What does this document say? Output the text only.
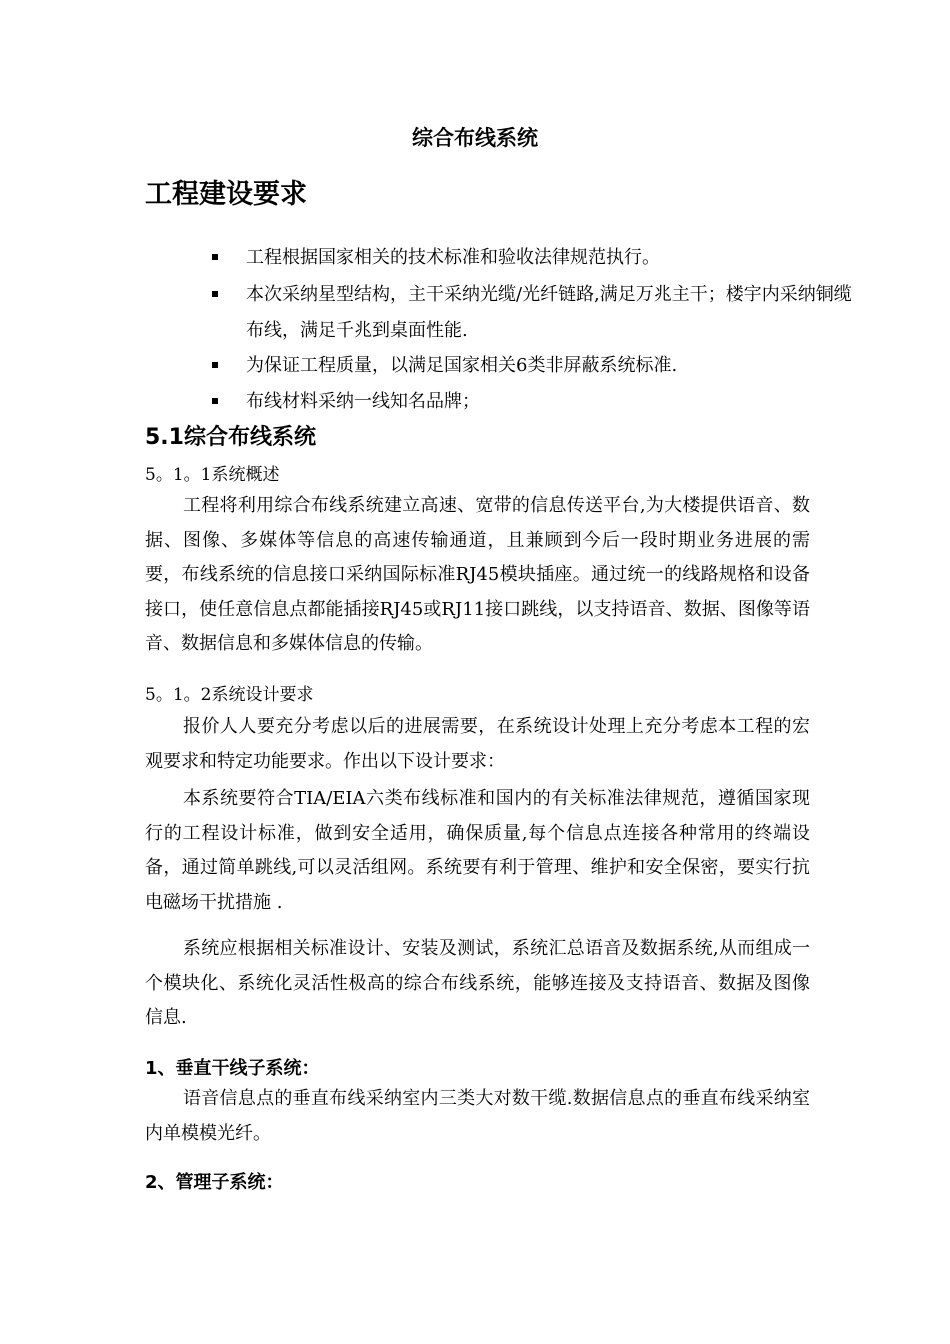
综合布线系统
工程建设要求
工程根据国家相关的技术标准和验收法律规范执行。
本次采纳星型结构，主干采纳光缆/光纤链路,满足万兆主干；楼宇内采纳铜缆布线，满足千兆到桌面性能.
为保证工程质量，以满足国家相关6类非屏蔽系统标准.
布线材料采纳一线知名品牌；
5.1综合布线系统
5。1。1系统概述
工程将利用综合布线系统建立高速、宽带的信息传送平台,为大楼提供语音、数据、图像、多媒体等信息的高速传输通道，且兼顾到今后一段时期业务进展的需要，布线系统的信息接口采纳国际标准RJ45模块插座。通过统一的线路规格和设备接口，使任意信息点都能插接RJ45或RJ11接口跳线，以支持语音、数据、图像等语音、数据信息和多媒体信息的传输。
5。1。2系统设计要求
报价人人要充分考虑以后的进展需要，在系统设计处理上充分考虑本工程的宏观要求和特定功能要求。作出以下设计要求：
本系统要符合TIA/EIA六类布线标准和国内的有关标准法律规范，遵循国家现行的工程设计标准，做到安全适用，确保质量,每个信息点连接各种常用的终端设备，通过简单跳线,可以灵活组网。系统要有利于管理、维护和安全保密，要实行抗电磁场干扰措施 .
系统应根据相关标准设计、安装及测试，系统汇总语音及数据系统,从而组成一个模块化、系统化灵活性极高的综合布线系统，能够连接及支持语音、数据及图像信息.
1、垂直干线子系统：
语音信息点的垂直布线采纳室内三类大对数干缆.数据信息点的垂直布线采纳室内单模模光纤。
2、管理子系统：
